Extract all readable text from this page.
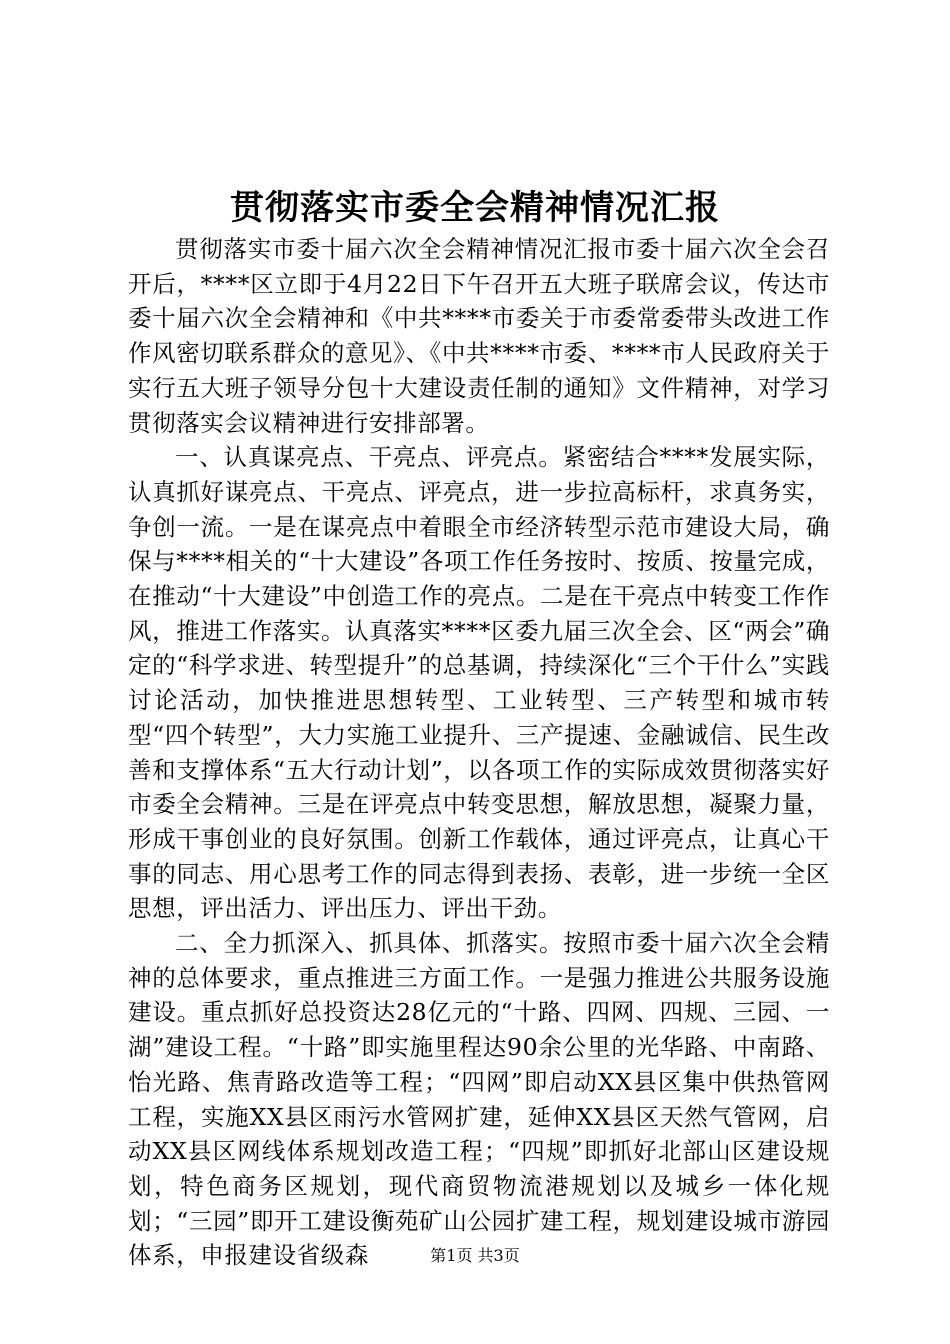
贯彻落实市委全会精神情况汇报

贯彻落实市委十届六次全会精神情况汇报市委十届六次全会召开后，****区立即于4月22日下午召开五大班子联席会议，传达市委十届六次全会精神和《中共****市委关于市委常委带头改进工作作风密切联系群众的意见》、《中共****市委、****市人民政府关于实行五大班子领导分包十大建设责任制的通知》文件精神，对学习贯彻落实会议精神进行安排部署。

一、认真谋亮点、干亮点、评亮点。紧密结合****发展实际，认真抓好谋亮点、干亮点、评亮点，进一步拉高标杆，求真务实，争创一流。一是在谋亮点中着眼全市经济转型示范市建设大局，确保与****相关的“十大建设”各项工作任务按时、按质、按量完成，在推动“十大建设”中创造工作的亮点。二是在干亮点中转变工作作风，推进工作落实。认真落实****区委九届三次全会、区“两会”确定的“科学求进、转型提升”的总基调，持续深化“三个干什么”实践讨论活动，加快推进思想转型、工业转型、三产转型和城市转型“四个转型”，大力实施工业提升、三产提速、金融诚信、民生改善和支撑体系“五大行动计划”，以各项工作的实际成效贯彻落实好市委全会精神。三是在评亮点中转变思想，解放思想，凝聚力量，形成干事创业的良好氛围。创新工作载体，通过评亮点，让真心干事的同志、用心思考工作的同志得到表扬、表彰，进一步统一全区思想，评出活力、评出压力、评出干劲。

二、全力抓深入、抓具体、抓落实。按照市委十届六次全会精神的总体要求，重点推进三方面工作。一是强力推进公共服务设施建设。重点抓好总投资达28亿元的“十路、四网、四规、三园、一湖”建设工程。“十路”即实施里程达90余公里的光华路、中南路、怡光路、焦青路改造等工程；“四网”即启动XX县区集中供热管网工程，实施XX县区雨污水管网扩建，延伸XX县区天然气管网，启动XX县区网线体系规划改造工程；“四规”即抓好北部山区建设规划，特色商务区规划，现代商贸物流港规划以及城乡一体化规划；“三园”即开工建设衡苑矿山公园扩建工程，规划建设城市游园体系，申报建设省级森	第1页 共3页
